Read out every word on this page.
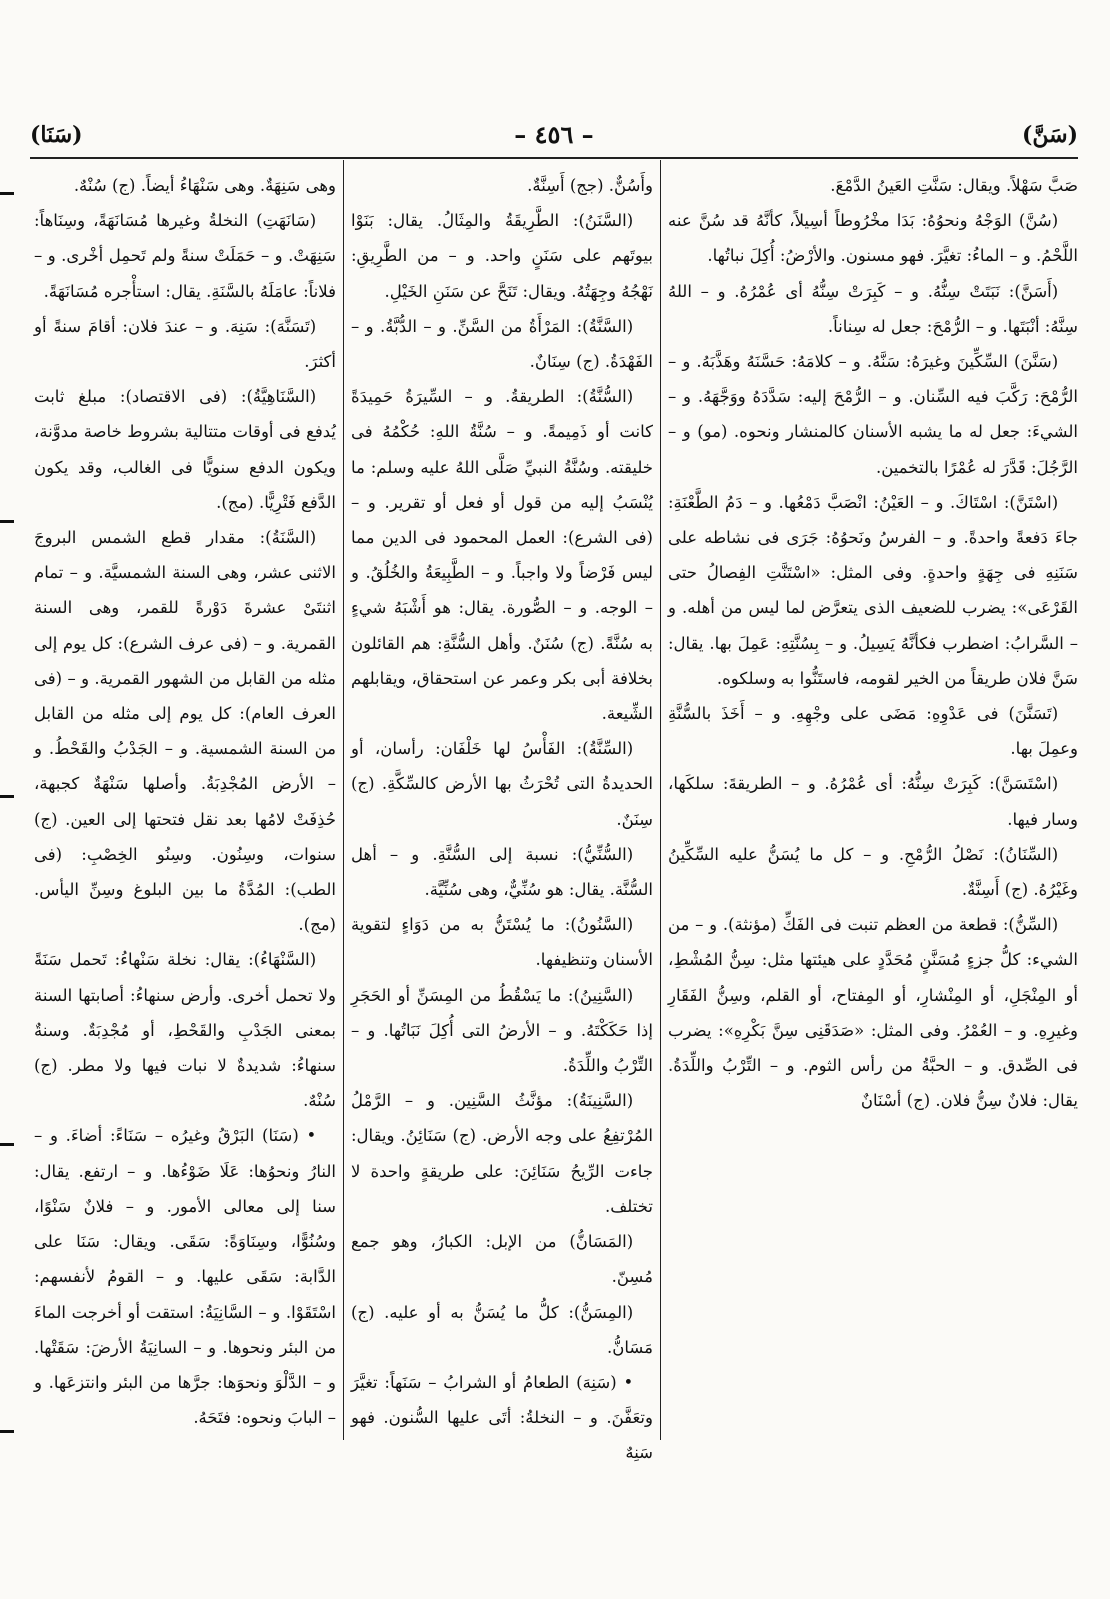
(سَنَّ)
– ٤٥٦ –
(سَنَا)

صَبَّ سَهْلاً. ويقال: سَنَّتِ العَينُ الدَّمْعَ.

(سُنَّ) الوَجْهُ ونحوُهُ: بَدَا مخْرُوطاً أسِيلاً، كأنَّهُ قد سُنَّ عنه اللَّحْمُ. و – الماءُ: تغيَّرَ. فهو مسنون. والأرْضُ: أُكِلَ نباتُها.

(أَسَنَّ): نَبَتَتْ سِنُّهُ. و – كَبِرَتْ سِنُّهُ أى عُمْرُهُ. و – اللهُ سِنَّهُ: أنْبَتَها. و – الرُّمْحَ: جعل له سِناناً.

(سَنَّنَ) السِّكِّينَ وغيرَهُ: سَنَّهُ. و – كلامَهُ: حَسَّنَهُ وهَذَّبَهُ. و – الرُّمْحَ: رَكَّبَ فيه السِّنان. و – الرُّمْحَ إليه: سَدَّدَهُ ووَجَّهَهُ. و – الشيءَ: جعل له ما يشبه الأسنان كالمنشار ونحوه. (مو) و – الرَّجُلَ: قَدَّرَ له عُمْرًا بالتخمين.

(اسْتَنَّ): اسْتَاكَ. و – العَيْنُ: انْصَبَّ دَمْعُها. و – دَمُ الطَّعْنَةِ: جاءَ دَفعةً واحدةً. و – الفرسُ ونَحوُهُ: جَرَى فى نشاطه على سَنَنِهِ فى جِهَةٍ واحدةٍ. وفى المثل: «اسْتَنَّتِ الفِصالُ حتى القَرْعَى»: يضرب للضعيف الذى يتعرَّض لما ليس من أهله. و – السَّرابُ: اضطرب فكأنَّهُ يَسِيلُ. و – بِسُنَّتِهِ: عَمِلَ بها. يقال: سَنَّ فلان طريقاً من الخير لقومه، فاستَنُّوا به وسلكوه.

(تَسَنَّنَ) فى عَدْوِهِ: مَضَى على وجْهِهِ. و – أَخَذَ بالسُّنَّةِ وعمِلَ بها.

(اسْتَسَنَّ): كَبِرَتْ سِنُّهُ: أى عُمْرُهُ. و – الطريقةَ: سلكَها، وسار فيها.

(السِّنَانُ): نَصْلُ الرُّمْحِ. و – كل ما يُسَنُّ عليه السِّكِّينُ وغَيْرُهُ. (ج) أَسِنَّةٌ.

(السِّنُّ): قطعة من العظم تنبت فى الفَكِّ (مؤنثة). و – من الشيء: كلُّ جزءٍ مُسَنَّنٍ مُحَدَّدٍ على هيئتها مثل: سِنُّ المُشْطِ، أو المِنْجَلِ، أو المِنْشارِ، أو المِفتاح، أو القلم، وسِنُّ الفَقَارِ وغيرِهِ. و – العُمْرُ. وفى المثل: «صَدَقَنِى سِنَّ بَكْرِهِ»: يضرب فى الصِّدق. و – الحبَّةُ من رأس الثوم. و – التِّرْبُ واللِّدَةُ. يقال: فلانٌ سِنُّ فلان. (ج) أسْنَانٌ

وأَسُنٌّ. (جج) أَسِنَّةٌ.

(السَّنَنُ): الطَّرِيقَةُ والمِثَالُ. يقال: بَنَوْا بيوتَهم على سَنَنٍ واحد. و – من الطَّرِيقِ: نَهْجُهُ وجِهَتُهُ. ويقال: تَنَحَّ عن سَنَنِ الخَيْلِ.

(السَّنَّةُ): المَرْأَةُ من السَّنِّ. و – الدُّبَّةُ. و – الفَهْدَةُ. (ج) سِنَانٌ.

(السُّنَّةُ): الطريقةُ. و – السِّيرَةُ حَمِيدَةً كانت أو ذَمِيمةً. و – سُنَّةُ اللهِ: حُكْمُهُ فى خليقته. وسُنَّةُ النبيِّ صَلَّى اللهُ عليه وسلم: ما يُنْسَبُ إليه من قول أو فعل أو تقرير. و – (فى الشرع): العمل المحمود فى الدين مما ليس فَرْضاً ولا واجباً. و – الطَّبِيعَةُ والخُلُقُ. و – الوجه. و – الصُّورة. يقال: هو أَشْبَهُ شيءٍ به سُنَّةً. (ج) سُنَنٌ. وأهل السُّنَّةِ: هم القائلون بخلافة أبى بكر وعمر عن استحقاق، ويقابلهم الشِّيعة.

(السِّنَّةُ): الفَأْسُ لها خَلْفَان: رأسان، أو الحديدةُ التى تُحْرَثُ بها الأرض كالسِّكَّةِ. (ج) سِنَنٌ.

(السُّنِّيُّ): نسبة إلى السُّنَّةِ. و – أهل السُّنَّة. يقال: هو سُنِّيٌّ، وهى سُنِّيَّة.

(السَّنُونُ): ما يُسْتَنُّ به من دَوَاءٍ لتقوية الأسنان وتنظيفها.

(السَّنِينُ): ما يَسْقُطُ من المِسَنِّ أو الحَجَرِ إذا حَكَكْتَهُ. و – الأرضُ التى أُكِلَ نَبَاتُها. و – التِّرْبُ واللِّدَةُ.

(السَّنِينَةُ): مؤنَّثُ السَّنِين. و – الرَّمْلُ المُرْتفِعُ على وجه الأرض. (ج) سَنَائِنُ. ويقال: جاءت الرِّيحُ سَنَائِنَ: على طريقةٍ واحدة لا تختلف.

(المَسَانُّ) من الإبل: الكبارُ، وهو جمع مُسِنّ.

(المِسَنُّ): كلُّ ما يُسَنُّ به أو عليه. (ج) مَسَانُّ.

• (سَنِهَ) الطعامُ أو الشرابُ – سَنَهاً: تغيَّرَ وتعَفَّنَ. و – النخلةُ: أتَى عليها السُّنون. فهو سَنِهٌ

وهى سَنِهَةٌ. وهى سَنْهَاءُ أيضاً. (ج) سُنْهٌ.

(سَانَهَتِ) النخلةُ وغيرها مُسَانَهَةً، وسِنَاهاً: سَنِهَتْ. و – حَمَلَتْ سنةً ولم تَحمِل أخْرى. و – فلاناً: عامَلَهُ بالسَّنَةِ. يقال: استأْجره مُسَانَهَةً.

(تَسَنَّهَ): سَنِهَ. و – عندَ فلان: أقامَ سنةً أو أكثرَ.

(السَّنَاهِيَّةُ): (فى الاقتصاد): مبلغ ثابت يُدفع فى أوقات متتالية بشروط خاصة مدوَّنة، ويكون الدفع سنويًّا فى الغالب، وقد يكون الدَّفع فَتْرِيًّا. (مج).

(السَّنَةُ): مقدار قطع الشمس البروجَ الاثنى عشر، وهى السنة الشمسيَّة. و – تمام اثنتَىْ عشرةَ دَوْرةً للقمر، وهى السنة القمرية. و – (فى عرف الشرع): كل يوم إلى مثله من القابل من الشهور القمرية. و – (فى العرف العام): كل يوم إلى مثله من القابل من السنة الشمسية. و – الجَدْبُ والقَحْطُ. و – الأرض المُجْدِبَةُ. وأصلها سَنْهَةٌ كجبهة، حُذِفَتْ لامُها بعد نقل فتحتها إلى العين. (ج) سنوات، وسِنُون. وسِنُو الخِصْبِ: (فى الطب): المُدَّةُ ما بين البلوغ وسِنِّ اليأس. (مج).

(السَّنْهَاءُ): يقال: نخلة سَنْهاءُ: تَحمل سَنَةً ولا تحمل أخرى. وأرض سنهاءُ: أصابتها السنة بمعنى الجَدْبِ والقَحْطِ، أو مُجْدِبَةٌ. وسنةٌ سنهاءُ: شديدةٌ لا نبات فيها ولا مطر. (ج) سُنْهٌ.

• (سَنَا) البَرْقُ وغيرُه – سَنَاءً: أضاءَ. و – النارُ ونحوُها: عَلَا ضَوْءُها. و – ارتفع. يقال: سنا إلى معالى الأمور. و – فلانٌ سَنْوًا، وسُنُوًّا، وسِنَاوَةً: سَقَى. ويقال: سَنَا على الدَّابة: سَقَى عليها. و – القومُ لأنفسهم: اسْتَقَوْا. و – السَّانِيَةُ: استقت أو أخرجت الماءَ من البئر ونحوها. و – السانِيَةُ الأرضَ: سَقَتْها. و – الدَّلْوَ ونحوَها: جرَّها من البئر وانتزعَها. و – البابَ ونحوه: فتَحَهُ.
